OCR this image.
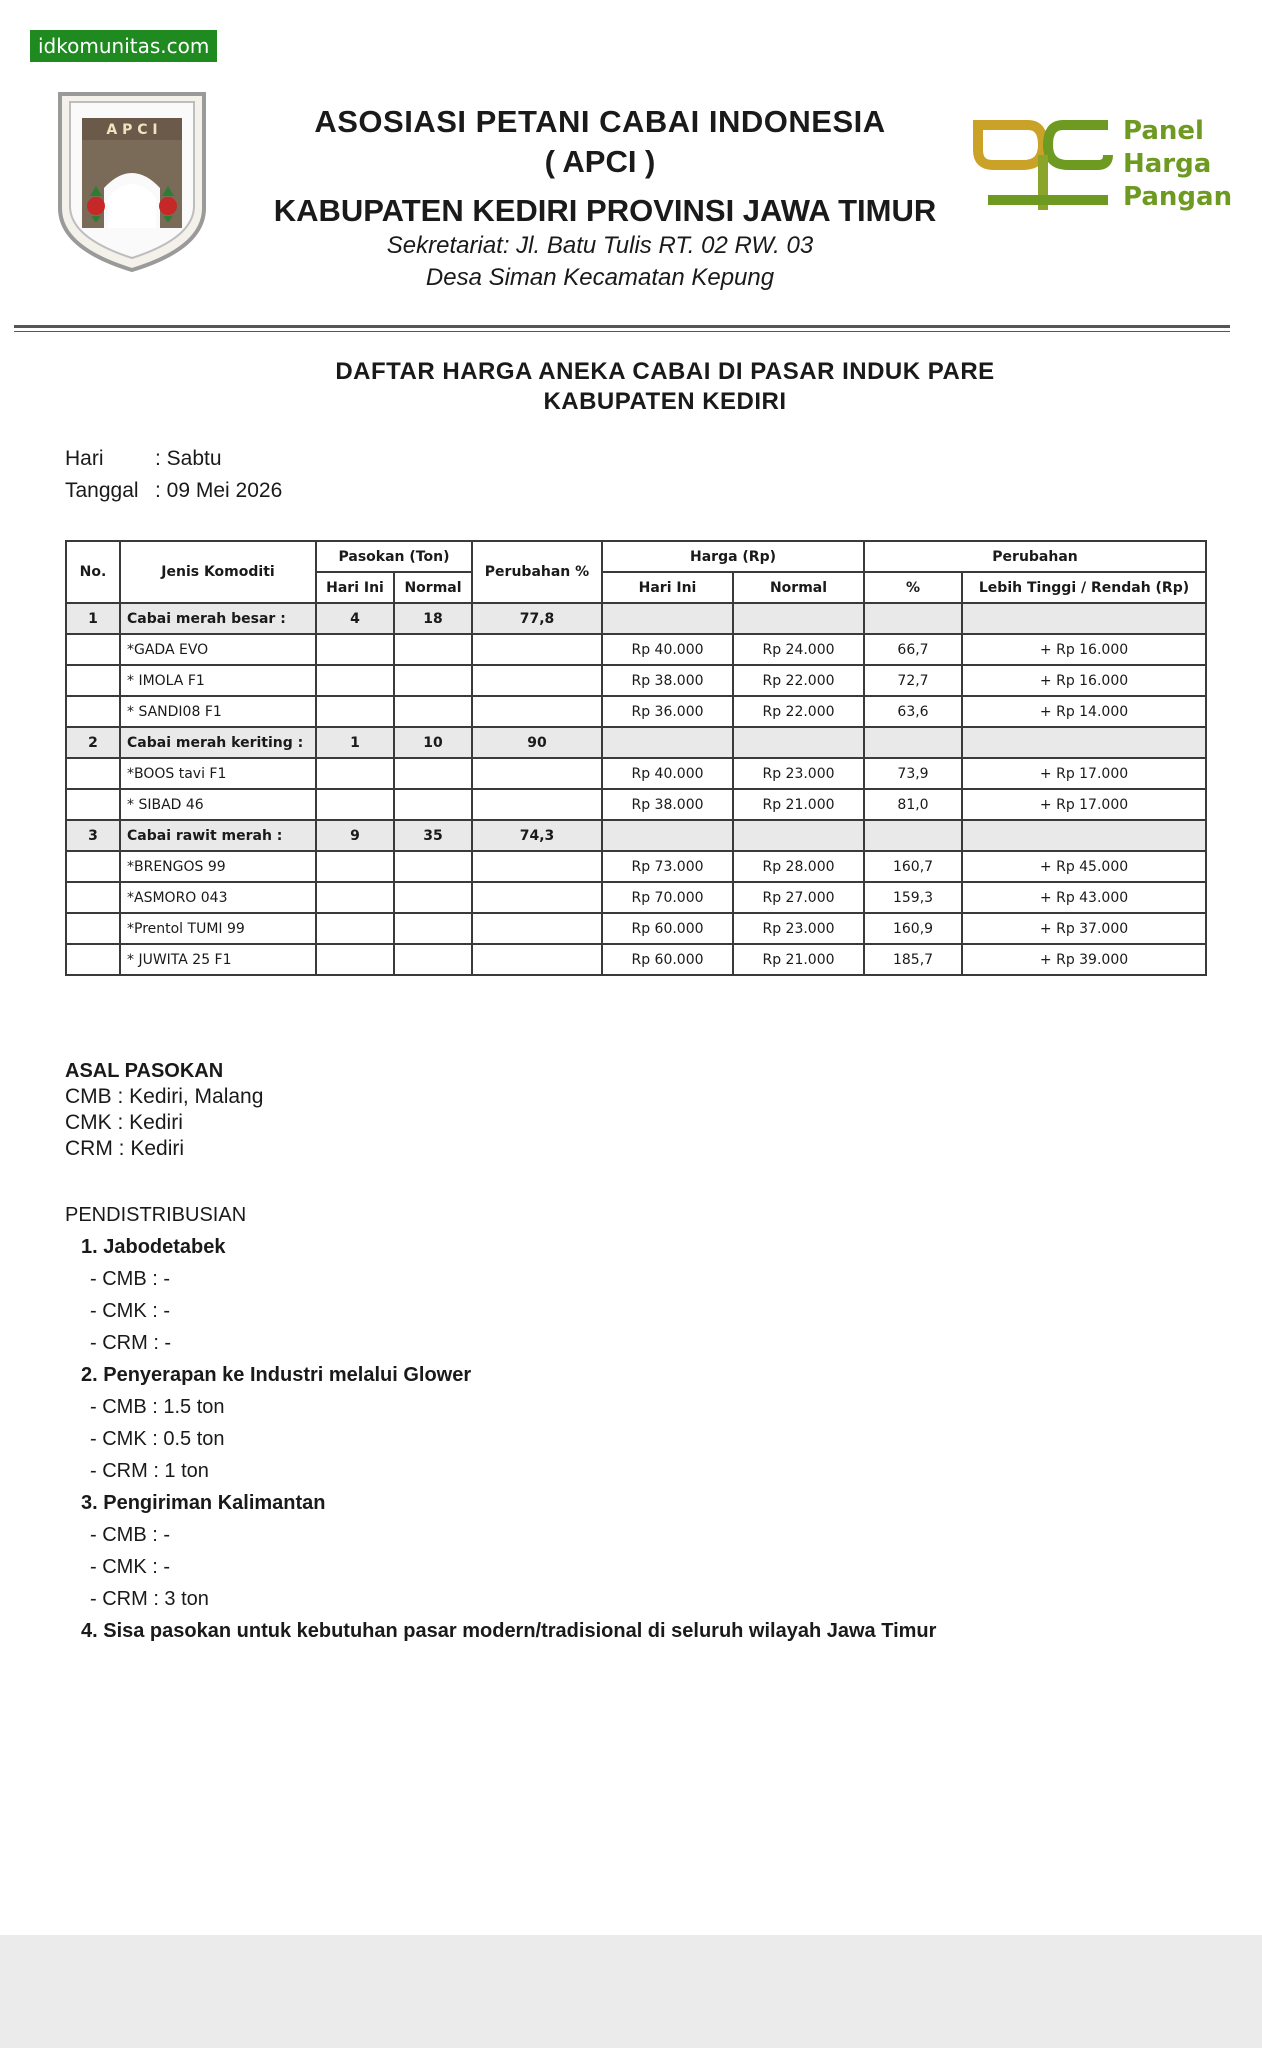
idkomunitas.com
A P C I	Panel
Harga
Pangan
ASOSIASI PETANI CABAI INDONESIA
( APCI )
KABUPATEN KEDIRI PROVINSI JAWA TIMUR
Sekretariat: Jl. Batu Tulis RT. 02 RW. 03
Desa Siman Kecamatan Kepung
DAFTAR HARGA ANEKA CABAI DI PASAR INDUK PARE
KABUPATEN KEDIRI
Hari : Sabtu
Tanggal : 09 Mei 2026
No.	Jenis Komoditi	Pasokan (Ton)		Perubahan %	Harga (Rp)		Perubahan	
		Hari Ini	Normal		Hari Ini	Normal	%	Lebih Tinggi / Rendah (Rp)
1	Cabai merah besar :	4	18	77,8				
	*GADA EVO				Rp 40.000	Rp 24.000	66,7	+ Rp 16.000
	* IMOLA F1				Rp 38.000	Rp 22.000	72,7	+ Rp 16.000
	* SANDI08 F1				Rp 36.000	Rp 22.000	63,6	+ Rp 14.000
2	Cabai merah keriting :	1	10	90				
	*BOOS tavi F1				Rp 40.000	Rp 23.000	73,9	+ Rp 17.000
	* SIBAD 46				Rp 38.000	Rp 21.000	81,0	+ Rp 17.000
3	Cabai rawit merah :	9	35	74,3				
	*BRENGOS 99				Rp 73.000	Rp 28.000	160,7	+ Rp 45.000
	*ASMORO 043				Rp 70.000	Rp 27.000	159,3	+ Rp 43.000
	*Prentol TUMI 99				Rp 60.000	Rp 23.000	160,9	+ Rp 37.000
	* JUWITA 25 F1				Rp 60.000	Rp 21.000	185,7	+ Rp 39.000
ASAL PASOKAN
CMB : Kediri, Malang
CMK : Kediri
CRM : Kediri
PENDISTRIBUSIAN
1. Jabodetabek
- CMB : -
- CMK : -
- CRM : -
2. Penyerapan ke Industri melalui Glower
- CMB : 1.5 ton
- CMK : 0.5 ton
- CRM : 1 ton
3. Pengiriman Kalimantan
- CMB : -
- CMK : -
- CRM : 3 ton
4. Sisa pasokan untuk kebutuhan pasar modern/tradisional di seluruh wilayah Jawa Timur
